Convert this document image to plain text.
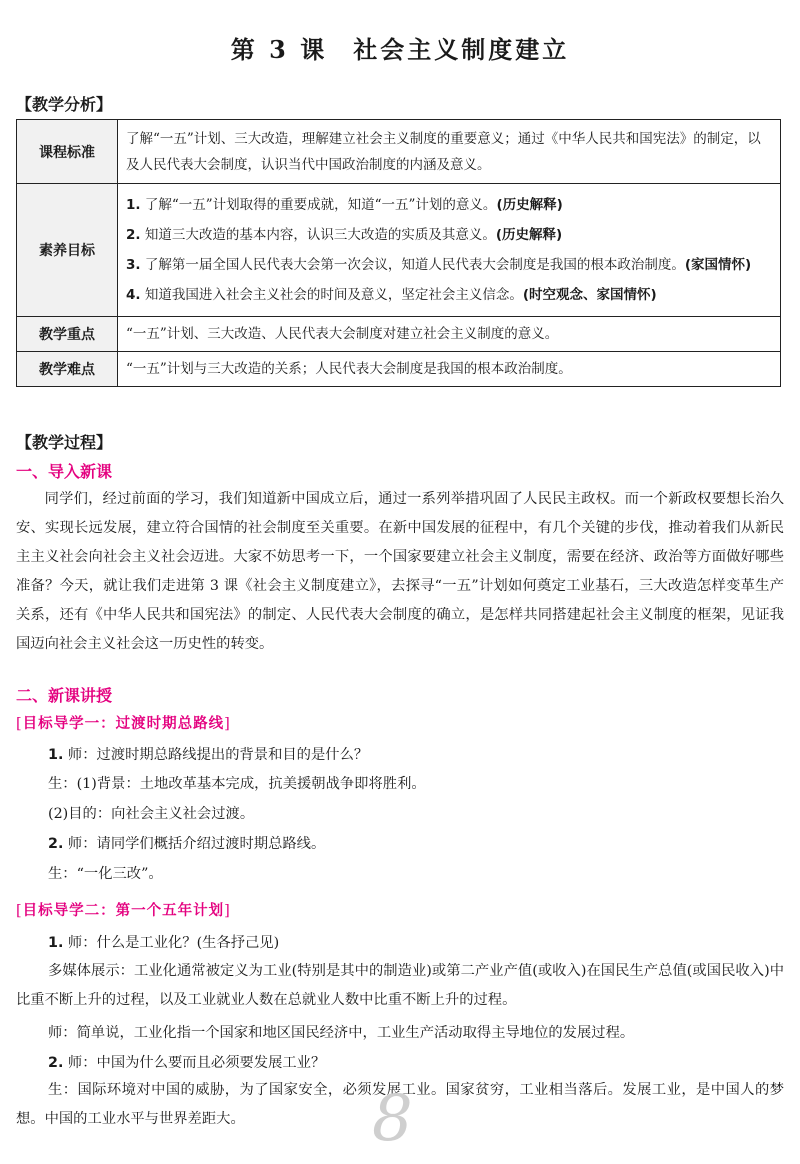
第 3 课 社会主义制度建立
【教学分析】
课程标准	了解“一五”计划、三大改造，理解建立社会主义制度的重要意义；通过《中华人民共和国宪法》的制定，以及人民代表大会制度，认识当代中国政治制度的内涵及意义。
素养目标	1. 了解“一五”计划取得的重要成就，知道“一五”计划的意义。(历史解释)
2. 知道三大改造的基本内容，认识三大改造的实质及其意义。(历史解释)
3. 了解第一届全国人民代表大会第一次会议，知道人民代表大会制度是我国的根本政治制度。(家国情怀)
4. 知道我国进入社会主义社会的时间及意义，坚定社会主义信念。(时空观念、家国情怀)

教学重点	“一五”计划、三大改造、人民代表大会制度对建立社会主义制度的意义。
教学难点	“一五”计划与三大改造的关系；人民代表大会制度是我国的根本政治制度。
【教学过程】
一、导入新课
同学们，经过前面的学习，我们知道新中国成立后，通过一系列举措巩固了人民民主政权。而一个新政权要想长治久安、实现长远发展，建立符合国情的社会制度至关重要。在新中国发展的征程中，有几个关键的步伐，推动着我们从新民主主义社会向社会主义社会迈进。大家不妨思考一下，一个国家要建立社会主义制度，需要在经济、政治等方面做好哪些准备？今天，就让我们走进第 3 课《社会主义制度建立》，去探寻“一五”计划如何奠定工业基石，三大改造怎样变革生产关系，还有《中华人民共和国宪法》的制定、人民代表大会制度的确立，是怎样共同搭建起社会主义制度的框架，见证我国迈向社会主义社会这一历史性的转变。
二、新课讲授
[目标导学一：过渡时期总路线]
1. 师：过渡时期总路线提出的背景和目的是什么？
生：(1)背景：土地改革基本完成，抗美援朝战争即将胜利。
(2)目的：向社会主义社会过渡。
2. 师：请同学们概括介绍过渡时期总路线。
生：“一化三改”。
[目标导学二：第一个五年计划]
1. 师：什么是工业化？(生各抒己见)
多媒体展示：工业化通常被定义为工业(特别是其中的制造业)或第二产业产值(或收入)在国民生产总值(或国民收入)中比重不断上升的过程，以及工业就业人数在总就业人数中比重不断上升的过程。
师：简单说，工业化指一个国家和地区国民经济中，工业生产活动取得主导地位的发展过程。
2. 师：中国为什么要而且必须要发展工业？
生：国际环境对中国的威胁，为了国家安全，必须发展工业。国家贫穷，工业相当落后。发展工业，是中国人的梦想。中国的工业水平与世界差距大。	8
